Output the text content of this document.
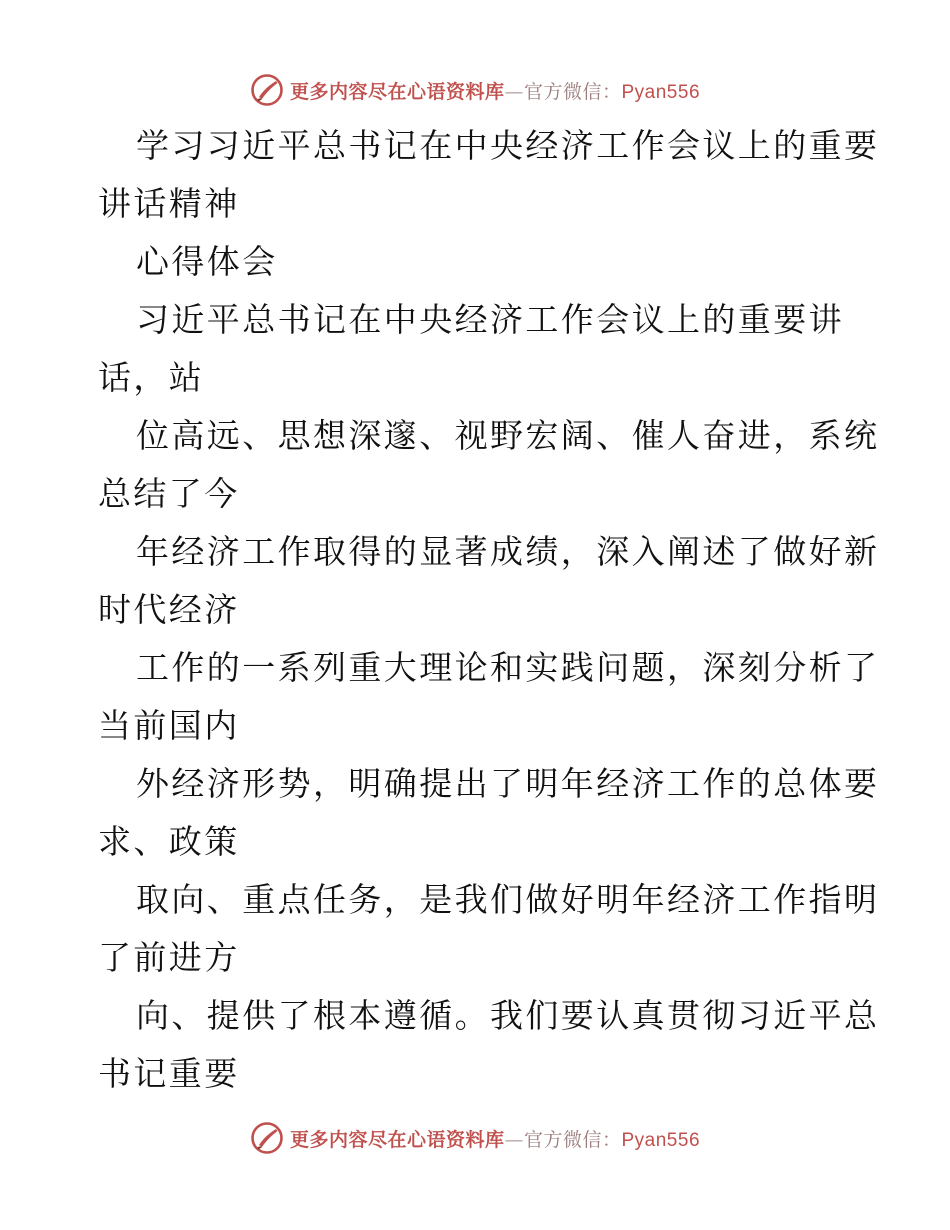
更多内容尽在心语资料库—官方微信：Pyan556
学习习近平总书记在中央经济工作会议上的重要
讲话精神
心得体会
习近平总书记在中央经济工作会议上的重要讲
话，站
位高远、思想深邃、视野宏阔、催人奋进，系统
总结了今
年经济工作取得的显著成绩，深入阐述了做好新
时代经济
工作的一系列重大理论和实践问题，深刻分析了
当前国内
外经济形势，明确提出了明年经济工作的总体要
求、政策
取向、重点任务，是我们做好明年经济工作指明
了前进方
向、提供了根本遵循。我们要认真贯彻习近平总
书记重要
更多内容尽在心语资料库—官方微信：Pyan556
